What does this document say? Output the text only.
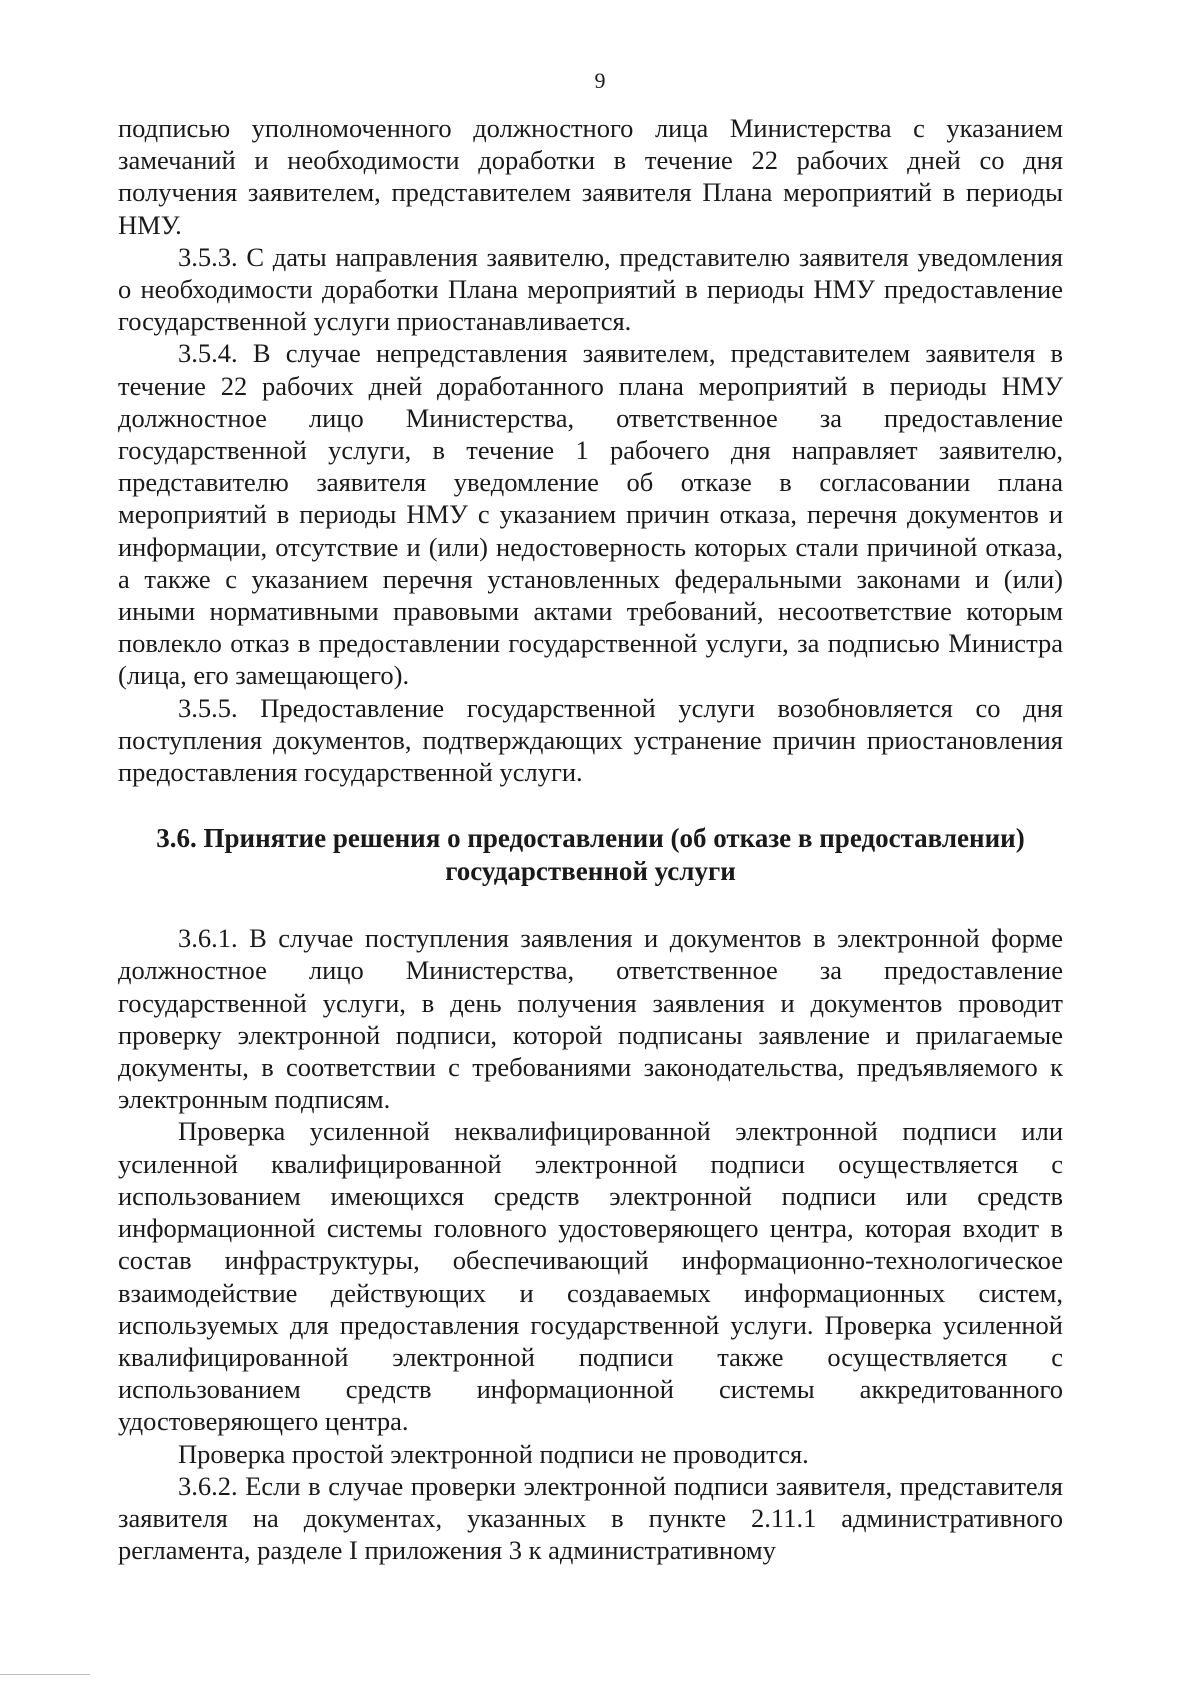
9

подписью уполномоченного должностного лица Министерства с указанием замечаний и необходимости доработки в течение 22 рабочих дней со дня получения заявителем, представителем заявителя Плана мероприятий в периоды НМУ.

3.5.3. С даты направления заявителю, представителю заявителя уведомления о необходимости доработки Плана мероприятий в периоды НМУ предоставление государственной услуги приостанавливается.

3.5.4. В случае непредставления заявителем, представителем заявителя в течение 22 рабочих дней доработанного плана мероприятий в периоды НМУ должностное лицо Министерства, ответственное за предоставление государственной услуги, в течение 1 рабочего дня направляет заявителю, представителю заявителя уведомление об отказе в согласовании плана мероприятий в периоды НМУ с указанием причин отказа, перечня документов и информации, отсутствие и (или) недостоверность которых стали причиной отказа, а также с указанием перечня установленных федеральными законами и (или) иными нормативными правовыми актами требований, несоответствие которым повлекло отказ в предоставлении государственной услуги, за подписью Министра (лица, его замещающего).

3.5.5. Предоставление государственной услуги возобновляется со дня поступления документов, подтверждающих устранение причин приостановления предоставления государственной услуги.

3.6. Принятие решения о предоставлении (об отказе в предоставлении) государственной услуги

3.6.1. В случае поступления заявления и документов в электронной форме должностное лицо Министерства, ответственное за предоставление государственной услуги, в день получения заявления и документов проводит проверку электронной подписи, которой подписаны заявление и прилагаемые документы, в соответствии с требованиями законодательства, предъявляемого к электронным подписям.

Проверка усиленной неквалифицированной электронной подписи или усиленной квалифицированной электронной подписи осуществляется с использованием имеющихся средств электронной подписи или средств информационной системы головного удостоверяющего центра, которая входит в состав инфраструктуры, обеспечивающий информационно-технологическое взаимодействие действующих и создаваемых информационных систем, используемых для предоставления государственной услуги. Проверка усиленной квалифицированной электронной подписи также осуществляется с использованием средств информационной системы аккредитованного удостоверяющего центра.

Проверка простой электронной подписи не проводится.

3.6.2. Если в случае проверки электронной подписи заявителя, представителя заявителя на документах, указанных в пункте 2.11.1 административного регламента, разделе I приложения 3 к административному
